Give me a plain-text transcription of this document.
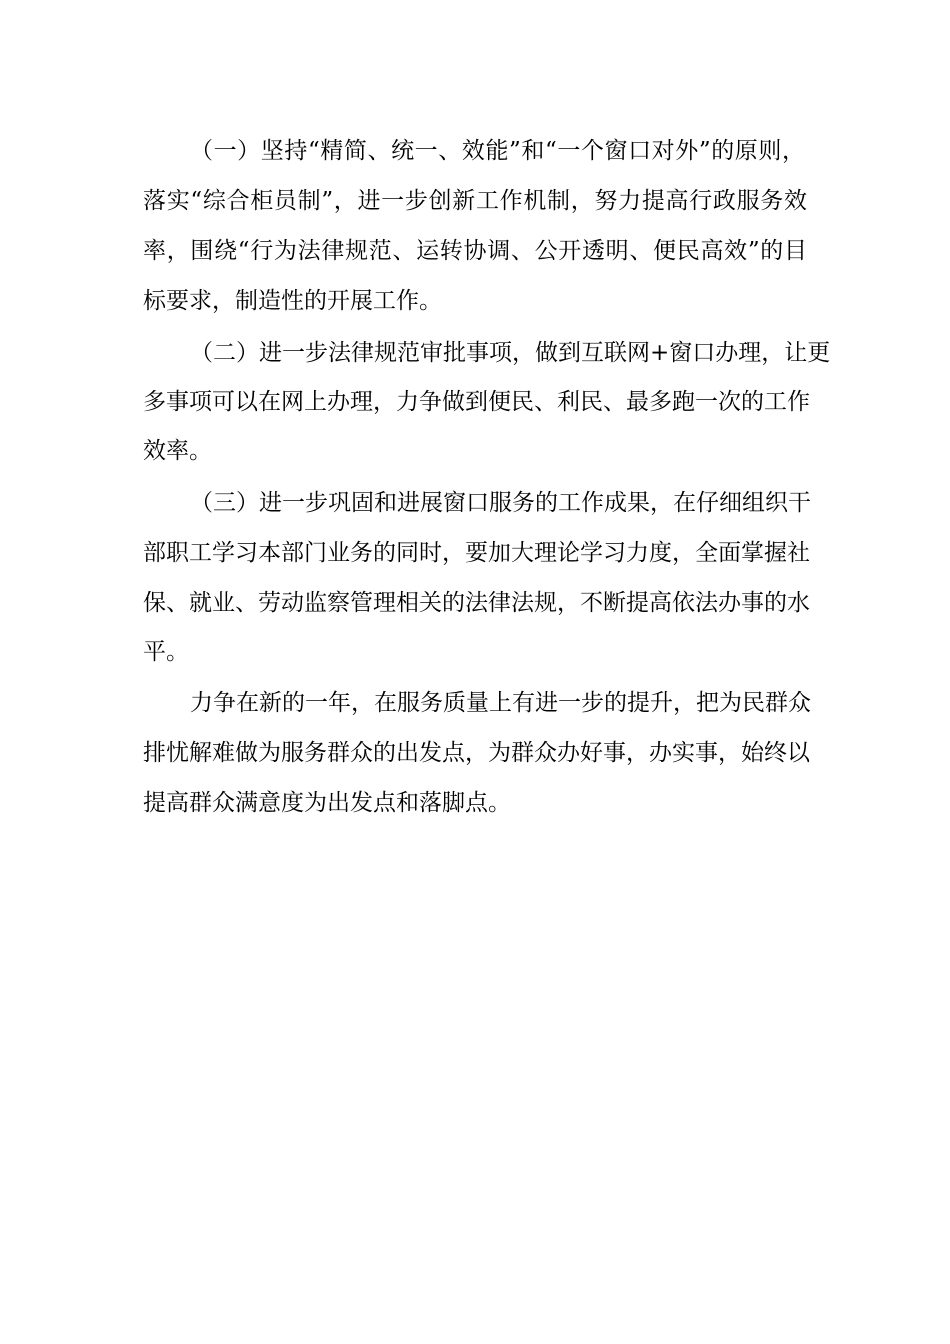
（一）坚持“精简、统一、效能”和“一个窗口对外”的原则，
落实“综合柜员制”，进一步创新工作机制，努力提高行政服务效
率，围绕“行为法律规范、运转协调、公开透明、便民高效”的目
标要求，制造性的开展工作。
（二）进一步法律规范审批事项，做到互联网+窗口办理，让更
多事项可以在网上办理，力争做到便民、利民、最多跑一次的工作
效率。
（三）进一步巩固和进展窗口服务的工作成果，在仔细组织干
部职工学习本部门业务的同时，要加大理论学习力度，全面掌握社
保、就业、劳动监察管理相关的法律法规，不断提高依法办事的水
平。
力争在新的一年，在服务质量上有进一步的提升，把为民群众
排忧解难做为服务群众的出发点，为群众办好事，办实事，始终以
提高群众满意度为出发点和落脚点。
